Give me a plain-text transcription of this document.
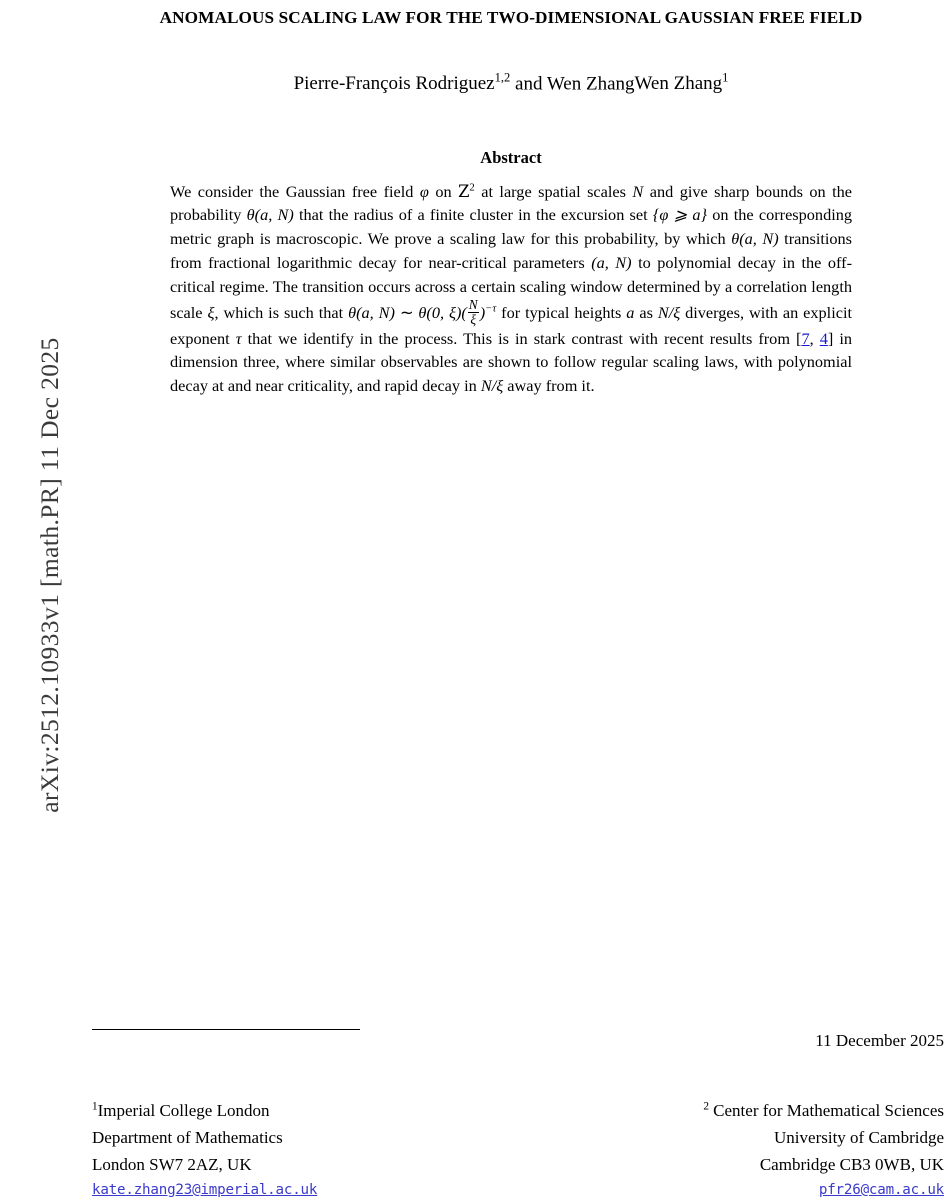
arXiv:2512.10933v1 [math.PR] 11 Dec 2025
ANOMALOUS SCALING LAW FOR THE TWO-DIMENSIONAL GAUSSIAN FREE FIELD
Pierre-François Rodriguez$^{1,2}$ and Wen ZhangWen Zhang$^1$
Abstract
We consider the Gaussian free field φ on $Z^2$ at large spatial scales N and give sharp bounds on the probability θ(a, N) that the radius of a finite cluster in the excursion set {φ ⩾ a} on the corresponding metric graph is macroscopic. We prove a scaling law for this probability, by which θ(a, N) transitions from fractional logarithmic decay for near-critical parameters (a, N) to polynomial decay in the off-critical regime. The transition occurs across a certain scaling window determined by a correlation length scale ξ, which is such that θ(a, N) ∼ θ(0, $\xi)( \frac{N}{\xi} )^{-\tau}$ for typical heights a as N/ξ diverges, with an explicit exponent τ that we identify in the process. This is in stark contrast with recent results from [7, 4] in dimension three, where similar observables are shown to follow regular scaling laws, with polynomial decay at and near criticality, and rapid decay in N/ξ away from it.
11 December 2025
$^1$Imperial College London
Department of Mathematics
London SW7 2AZ, UK
kate.zhang23@imperial.ac.uk
$^2$ Center for Mathematical Sciences
University of Cambridge
Cambridge CB3 0WB, UK
pfr26@cam.ac.uk
